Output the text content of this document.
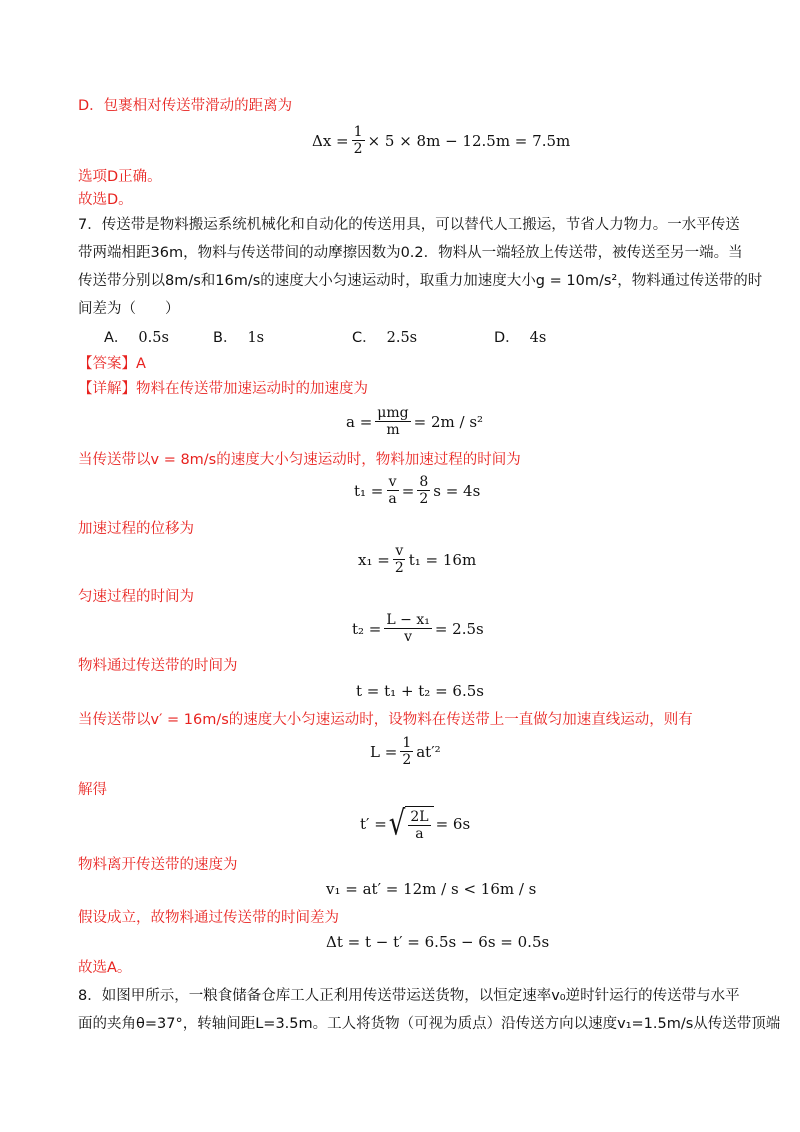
D．包裹相对传送带滑动的距离为
$\Delta x = \frac{1}{2} \times 5 \times 8m - 12.5m = 7.5m$
选项D正确。
故选D。
7．传送带是物料搬运系统机械化和自动化的传送用具，可以替代人工搬运，节省人力物力。一水平传送
带两端相距36m，物料与传送带间的动摩擦因数为0.2．物料从一端轻放上传送带，被传送至另一端。当
传送带分别以8m/s和16m/s的速度大小匀速运动时，取重力加速度大小g = 10m/s²，物料通过传送带的时
间差为（　　）
A． 0.5s	B． 1s	C． 2.5s	D． 4s
【答案】A
【详解】物料在传送带加速运动时的加速度为
$a = \frac{\text{μmg}}{m} = 2m / s^2$
当传送带以v = 8m/s的速度大小匀速运动时，物料加速过程的时间为
$t_1 = \frac{v}{a} = \frac{8}{2}$ s = 4s
加速过程的位移为
$x_1 = \frac{v}{2} t_1 = 16m$
匀速过程的时间为
$t_2 = \frac{\text{L − x₁}}{v} = 2.5s$
物料通过传送带的时间为
t = t₁ + t₂ = 6.5s
当传送带以v′ = 16m/s的速度大小匀速运动时，设物料在传送带上一直做匀加速直线运动，则有
$L = \frac{1}{2} at'^2$
解得
t′ = √ $\frac{2L}{a} = 6s$
物料离开传送带的速度为
v₁ = at′ = 12m / s < 16m / s
假设成立，故物料通过传送带的时间差为
Δt = t − t′ = 6.5s − 6s = 0.5s
故选A。
8．如图甲所示，一粮食储备仓库工人正利用传送带运送货物，以恒定速率v₀逆时针运行的传送带与水平
面的夹角θ=37°，转轴间距L=3.5m。工人将货物（可视为质点）沿传送方向以速度v₁=1.5m/s从传送带顶端
